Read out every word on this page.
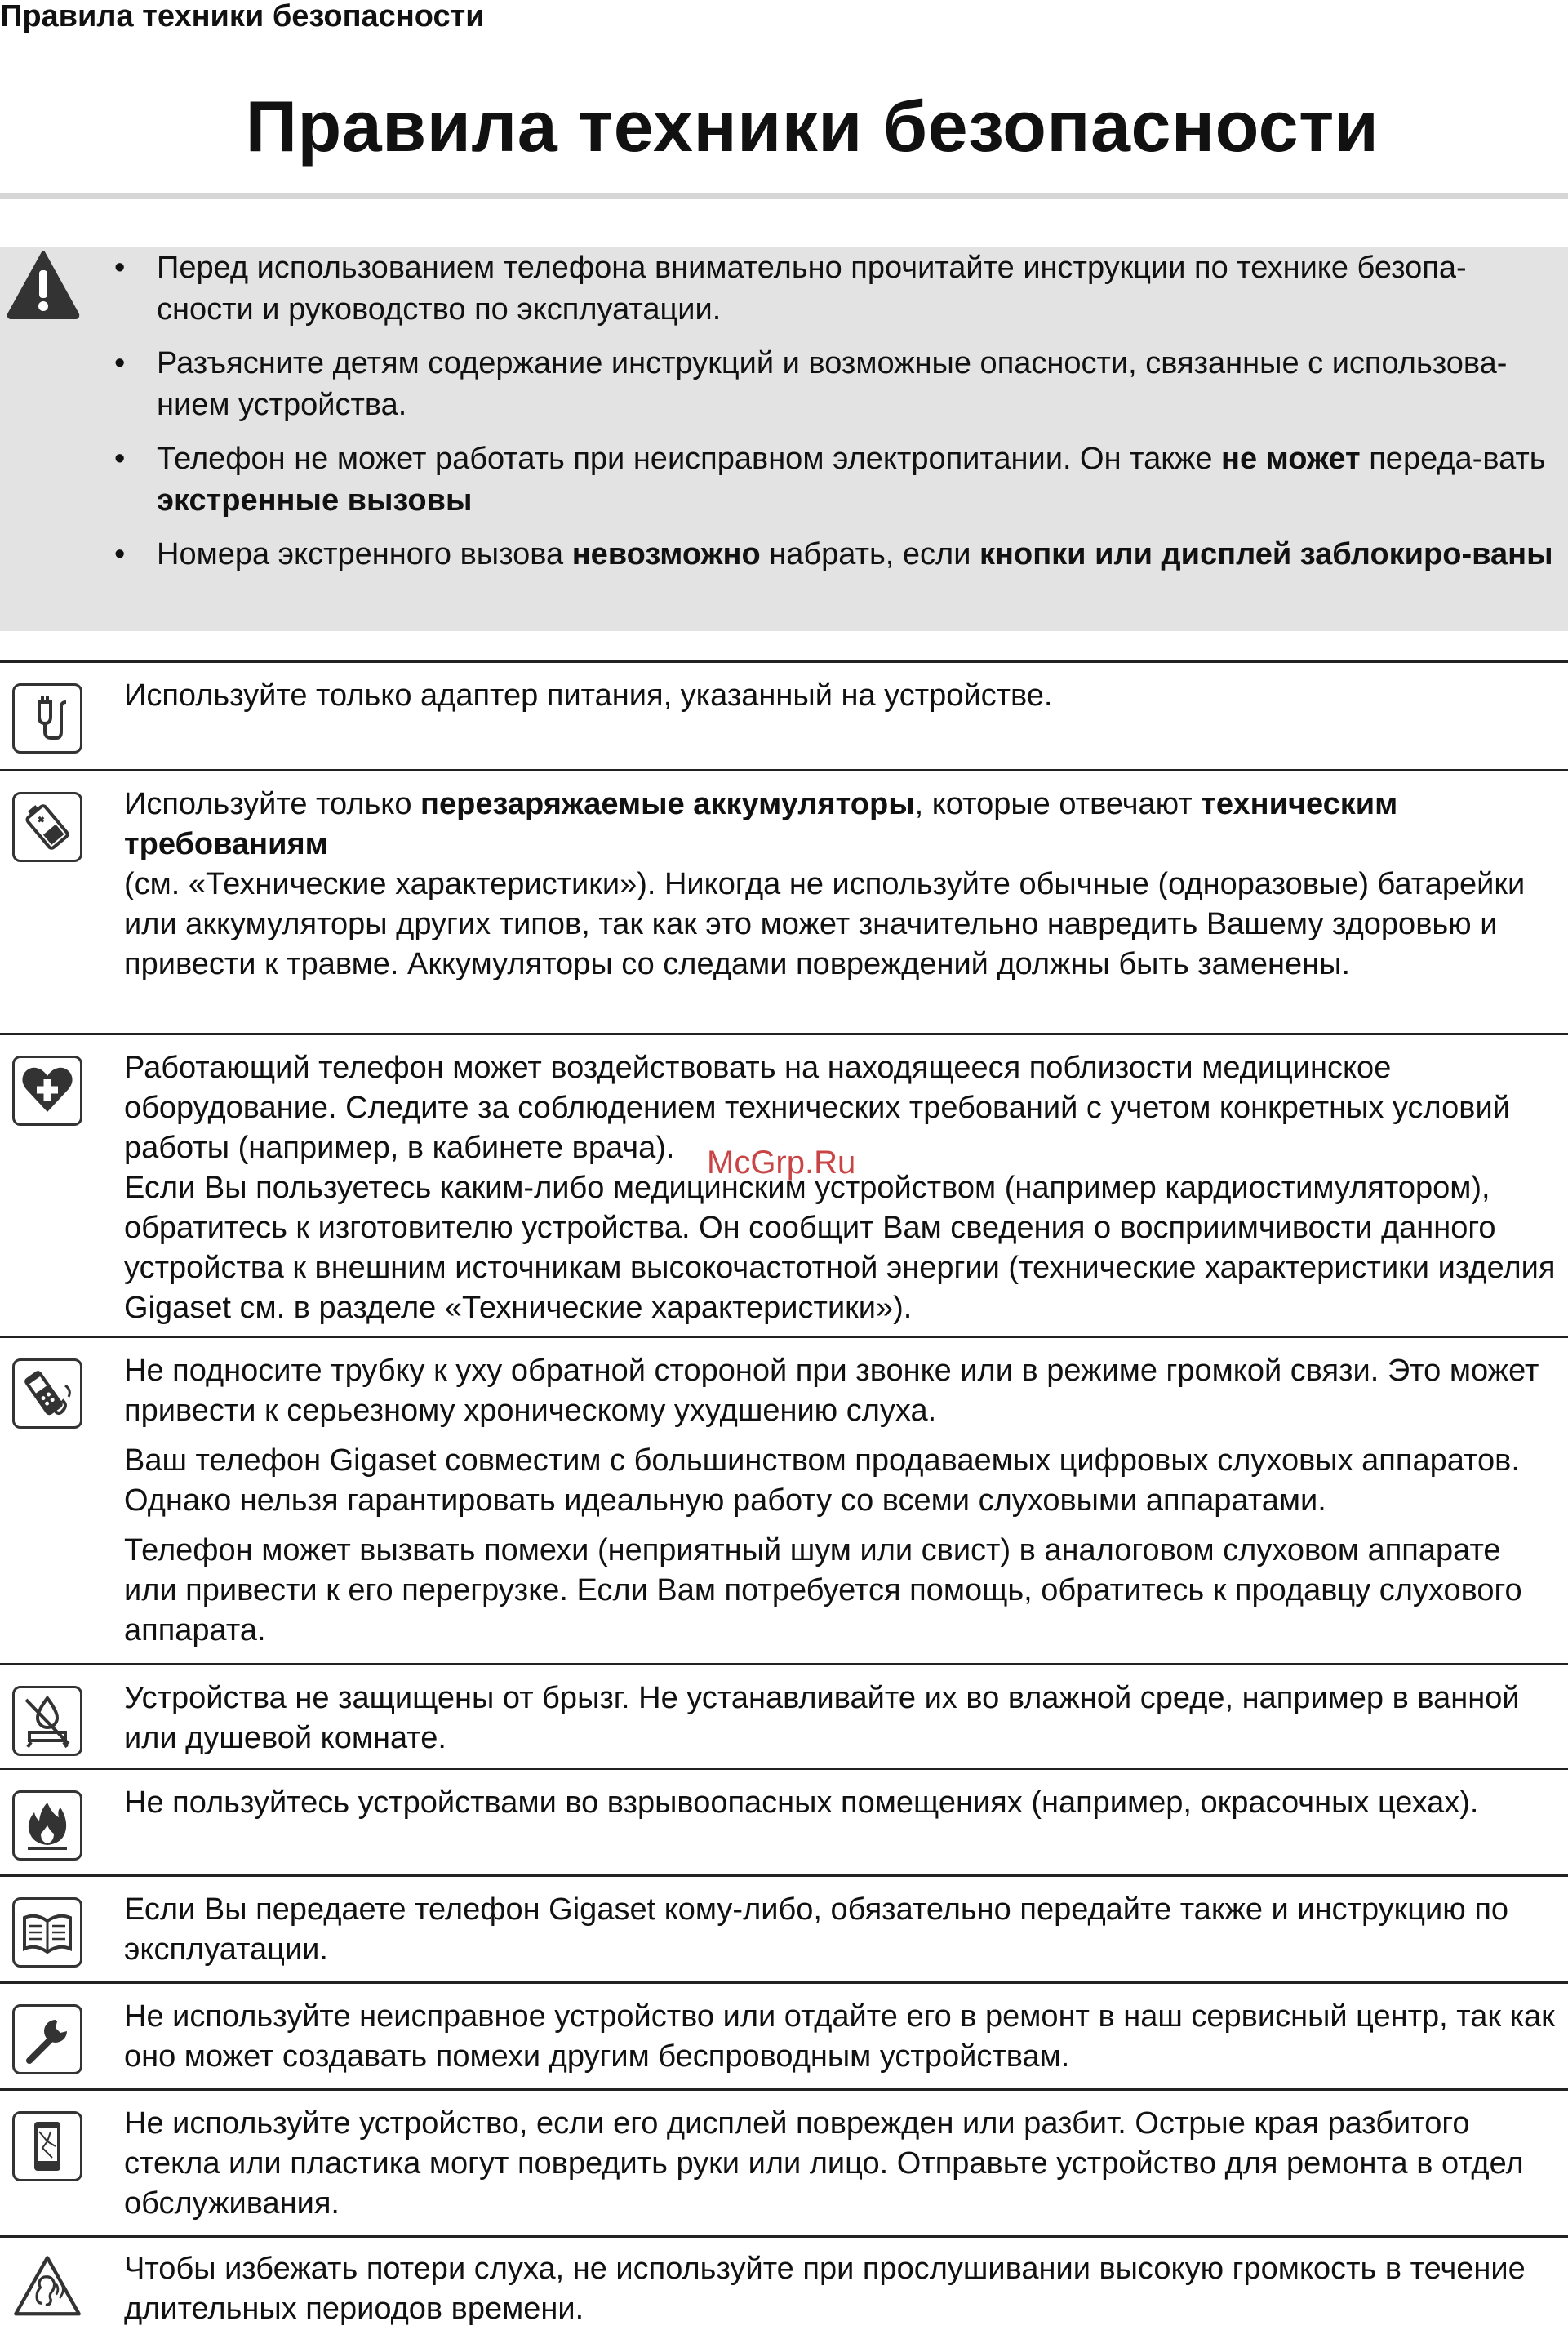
Правила техники безопасности
Правила техники безопасности
• Перед использованием телефона внимательно прочитайте инструкции по технике безопа-сности и руководство по эксплуатации.
• Разъясните детям содержание инструкций и возможные опасности, связанные с использова-нием устройства.
• Телефон не может работать при неисправном электропитании. Он также не может переда-вать экстренные вызовы
• Номера экстренного вызова невозможно набрать, если кнопки или дисплей заблокиро-ваны

Используйте только адаптер питания, указанный на устройстве.

Используйте только перезаряжаемые аккумуляторы, которые отвечают техническим требованиям
(см. «Технические характеристики»). Никогда не используйте обычные (одноразовые) батарейки или аккумуляторы других типов, так как это может значительно навредить Вашему здоровью и привести к травме. Аккумуляторы со следами повреждений должны быть заменены.

Работающий телефон может воздействовать на находящееся поблизости медицинское оборудование. Следите за соблюдением технических требований с учетом конкретных условий работы (например, в кабинете врача).

Если Вы пользуетесь каким-либо медицинским устройством (например кардиостимулятором), обратитесь к изготовителю устройства. Он сообщит Вам сведения о восприимчивости данного устройства к внешним источникам высокочастотной энергии (технические характеристики изделия Gigaset см. в разделе «Технические характеристики»).

Не подносите трубку к уху обратной стороной при звонке или в режиме громкой связи. Это может привести к серьезному хроническому ухудшению слуха.

Ваш телефон Gigaset совместим с большинством продаваемых цифровых слуховых аппаратов. Однако нельзя гарантировать идеальную работу со всеми слуховыми аппаратами.

Телефон может вызвать помехи (неприятный шум или свист) в аналоговом слуховом аппарате или привести к его перегрузке. Если Вам потребуется помощь, обратитесь к продавцу слухового аппарата.

Устройства не защищены от брызг. Не устанавливайте их во влажной среде, например в ванной или душевой комнате.

Не пользуйтесь устройствами во взрывоопасных помещениях (например, окрасочных цехах).

Если Вы передаете телефон Gigaset кому-либо, обязательно передайте также и инструкцию по эксплуатации.

Не используйте неисправное устройство или отдайте его в ремонт в наш сервисный центр, так как оно может создавать помехи другим беспроводным устройствам.

Не используйте устройство, если его дисплей поврежден или разбит. Острые края разбитого стекла или пластика могут повредить руки или лицо. Отправьте устройство для ремонта в отдел обслуживания.

Чтобы избежать потери слуха, не используйте при прослушивании высокую громкость в течение длительных периодов времени.

McGrp.Ru
